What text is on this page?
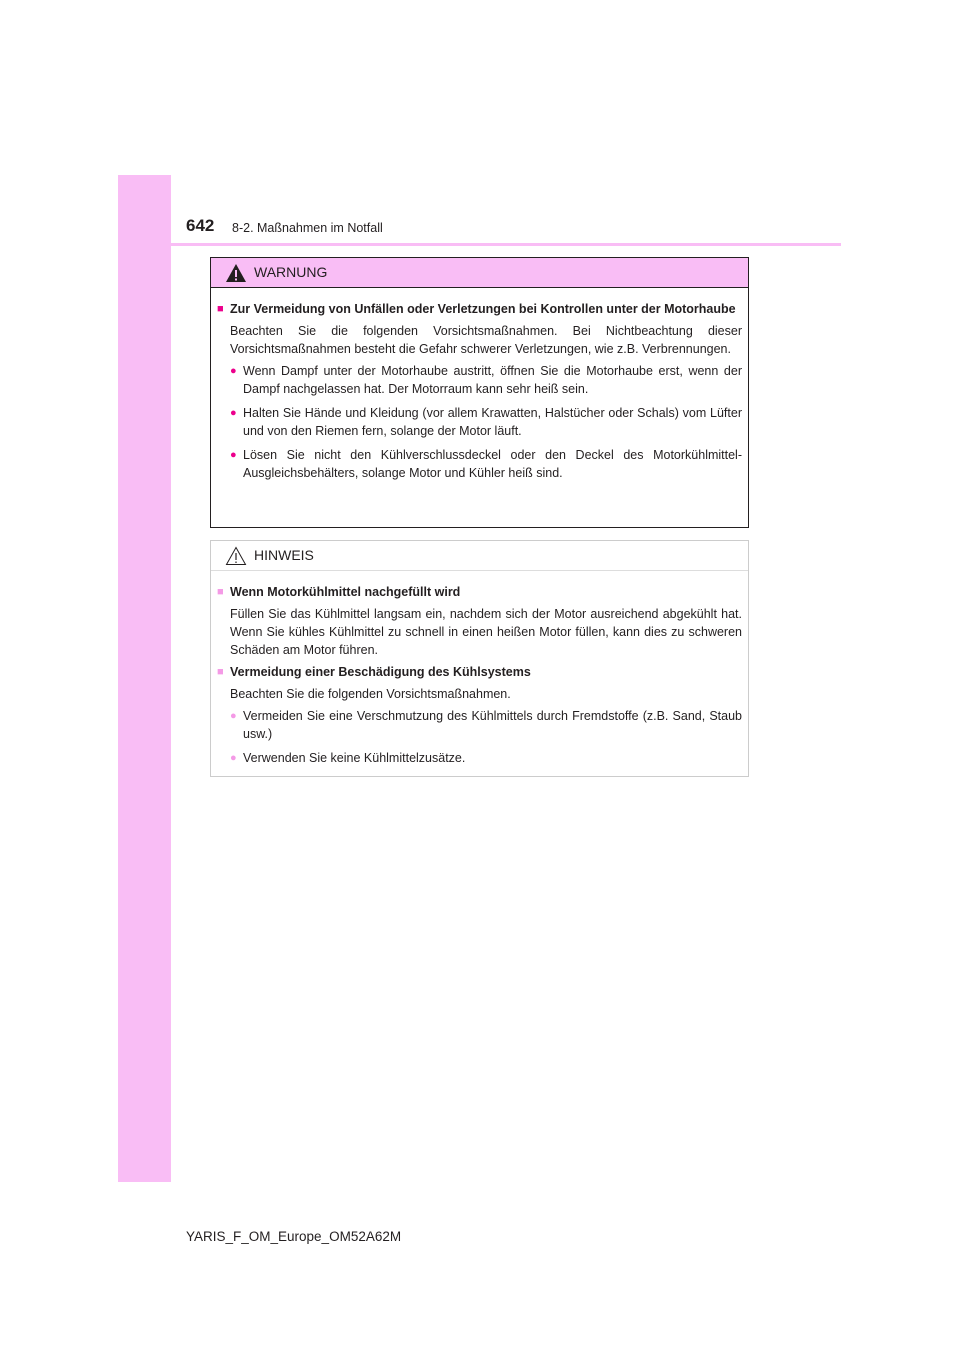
642 8-2. Maßnahmen im Notfall
WARNUNG
■ Zur Vermeidung von Unfällen oder Verletzungen bei Kontrollen unter der Motorhaube
Beachten Sie die folgenden Vorsichtsmaßnahmen. Bei Nichtbeachtung dieser Vorsichtsmaßnahmen besteht die Gefahr schwerer Verletzungen, wie z.B. Verbrennungen.
● Wenn Dampf unter der Motorhaube austritt, öffnen Sie die Motorhaube erst, wenn der Dampf nachgelassen hat. Der Motorraum kann sehr heiß sein.
● Halten Sie Hände und Kleidung (vor allem Krawatten, Halstücher oder Schals) vom Lüfter und von den Riemen fern, solange der Motor läuft.
● Lösen Sie nicht den Kühlverschlussdeckel oder den Deckel des Motorkühlmittel-Ausgleichsbehälters, solange Motor und Kühler heiß sind.
HINWEIS
■ Wenn Motorkühlmittel nachgefüllt wird
Füllen Sie das Kühlmittel langsam ein, nachdem sich der Motor ausreichend abgekühlt hat. Wenn Sie kühles Kühlmittel zu schnell in einen heißen Motor füllen, kann dies zu schweren Schäden am Motor führen.
■ Vermeidung einer Beschädigung des Kühlsystems
Beachten Sie die folgenden Vorsichtsmaßnahmen.
● Vermeiden Sie eine Verschmutzung des Kühlmittels durch Fremdstoffe (z.B. Sand, Staub usw.)
● Verwenden Sie keine Kühlmittelzusätze.
YARIS_F_OM_Europe_OM52A62M
